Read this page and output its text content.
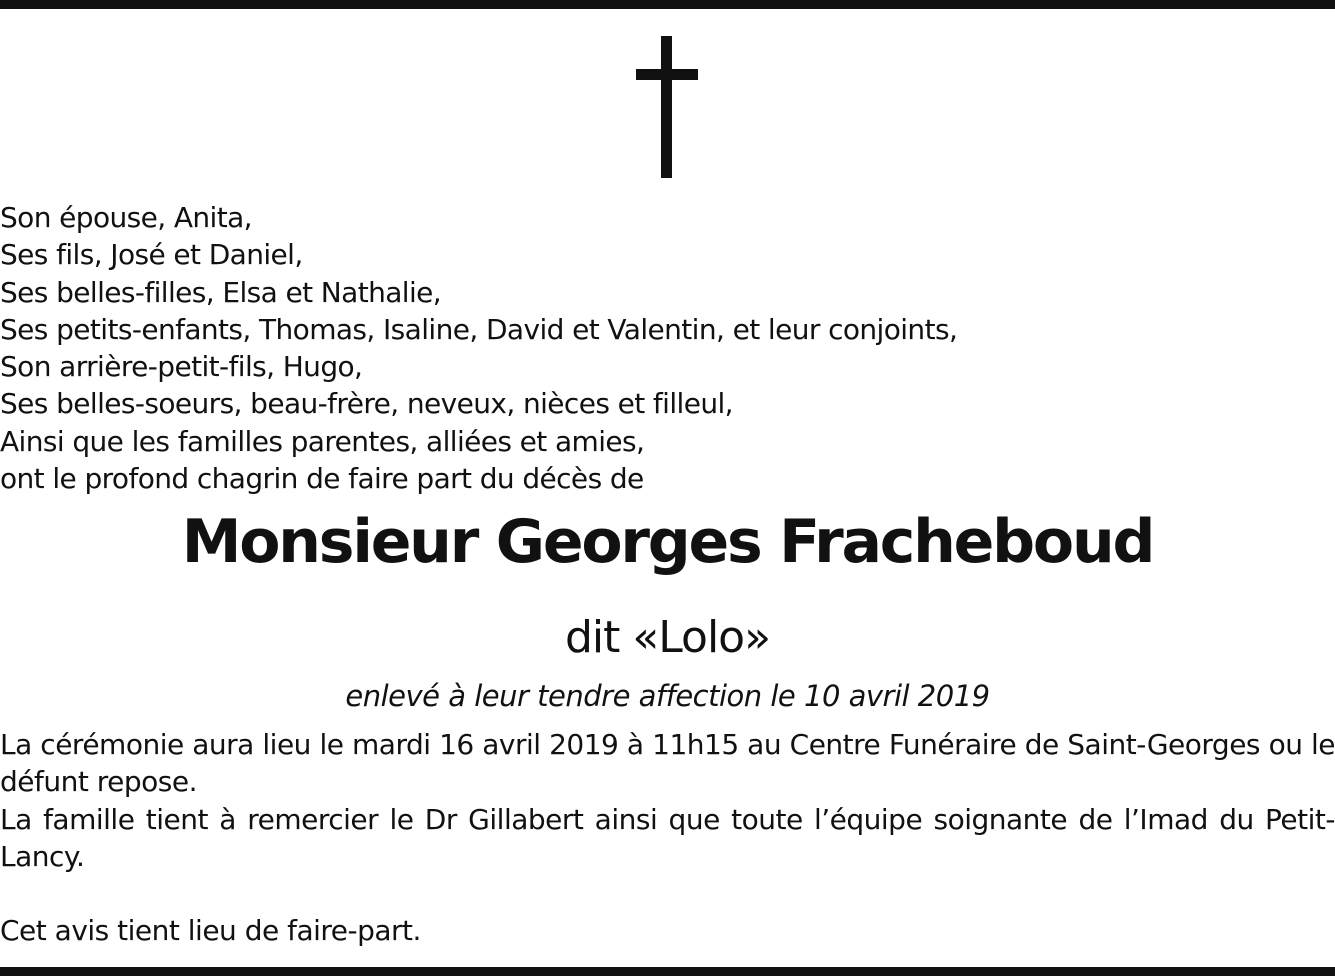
Son épouse, Anita,
Ses fils, José et Daniel,
Ses belles-filles, Elsa et Nathalie,
Ses petits-enfants, Thomas, Isaline, David et Valentin, et leur conjoints,
Son arrière-petit-fils, Hugo,
Ses belles-soeurs, beau-frère, neveux, nièces et filleul,
Ainsi que les familles parentes, alliées et amies,
ont le profond chagrin de faire part du décès de
Monsieur Georges Fracheboud
dit «Lolo»
enlevé à leur tendre affection le 10 avril 2019

La cérémonie aura lieu le mardi 16 avril 2019 à 11h15 au Centre Funéraire de Saint-Georges ou le défunt repose.

La famille tient à remercier le Dr Gillabert ainsi que toute l’équipe soignante de l’Imad du Petit-Lancy.

Cet avis tient lieu de faire-part.
